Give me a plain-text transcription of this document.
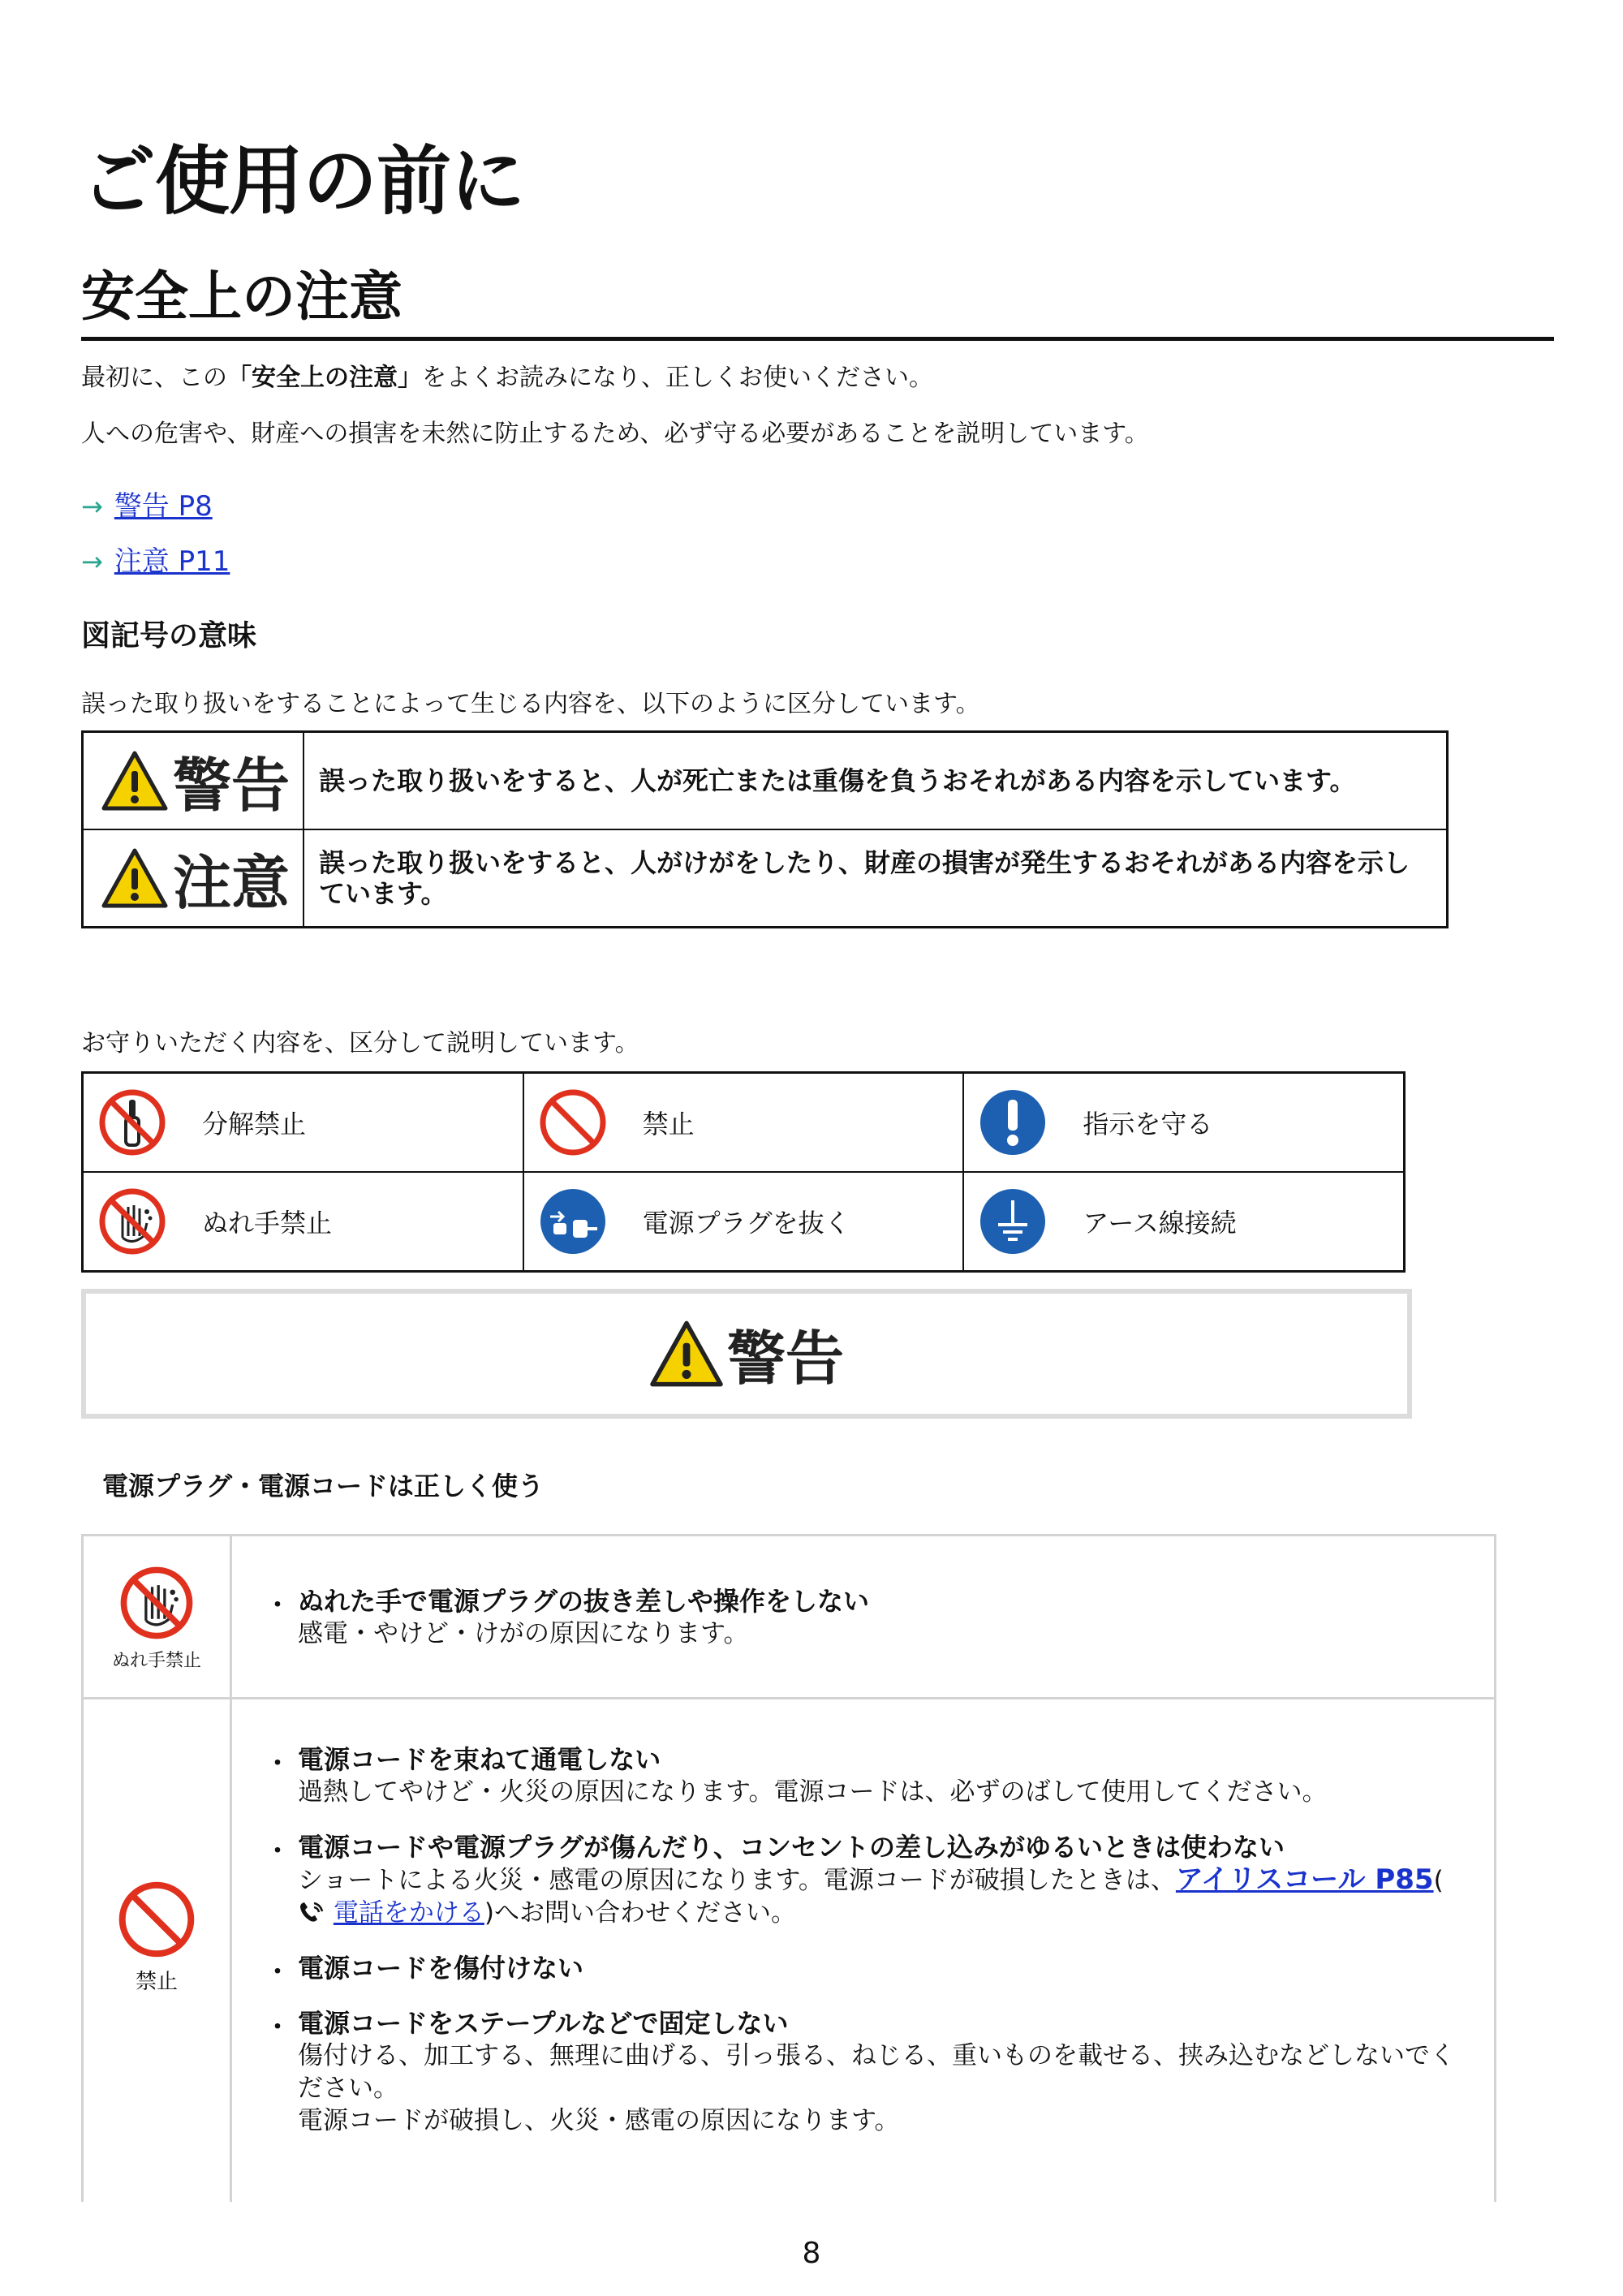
ご使用の前に
安全上の注意
最初に、この「安全上の注意」をよくお読みになり、正しくお使いください。
人への危害や、財産への損害を未然に防止するため、必ず守る必要があることを説明しています。
→ 警告 P8
→ 注意 P11
図記号の意味
誤った取り扱いをすることによって生じる内容を、以下のように区分しています。
警告	誤った取り扱いをすると、人が死亡または重傷を負うおそれがある内容を示しています。

注意	誤った取り扱いをすると、人がけがをしたり、財産の損害が発生するおそれがある内容を示しています。
お守りいただく内容を、区分して説明しています。
分解禁止	禁止	指示を守る

ぬれ手禁止	電源プラグを抜く	アース線接続
警告
電源プラグ・電源コードは正しく使う
ぬれ手禁止
・ ぬれた手で電源プラグの抜き差しや操作をしない
感電・やけど・けがの原因になります。
禁止
・ 電源コードを束ねて通電しない
過熱してやけど・火災の原因になります。電源コードは、必ずのばして使用してください。
・ 電源コードや電源プラグが傷んだり、コンセントの差し込みがゆるいときは使わない
ショートによる火災・感電の原因になります。電源コードが破損したときは、アイリスコール P85( 電話をかける)へお問い合わせください。
・ 電源コードを傷付けない
・ 電源コードをステープルなどで固定しない
傷付ける、加工する、無理に曲げる、引っ張る、ねじる、重いものを載せる、挟み込むなどしないでください。
電源コードが破損し、火災・感電の原因になります。
8
